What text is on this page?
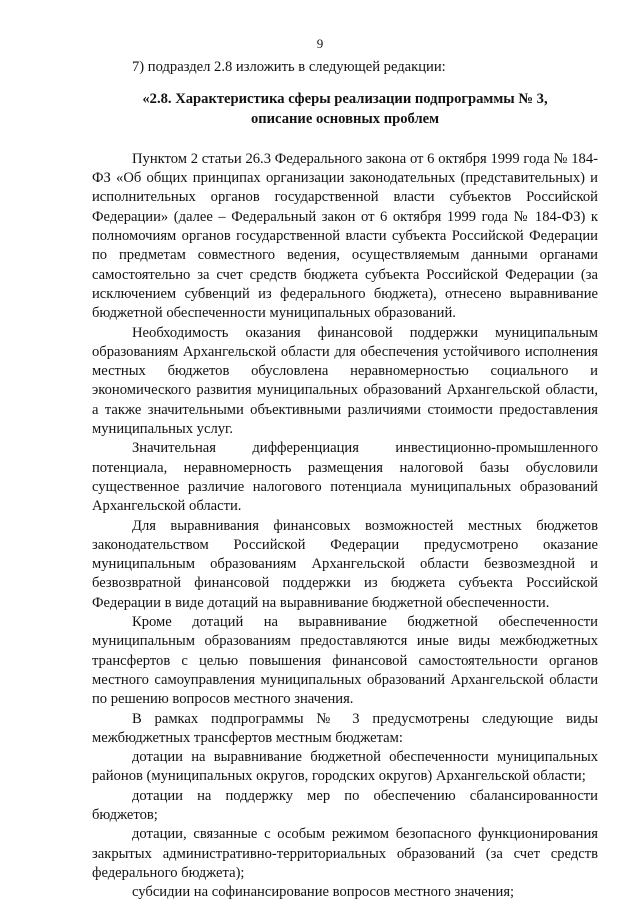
9

7) подраздел 2.8 изложить в следующей редакции:

«2.8. Характеристика сферы реализации подпрограммы № 3,
описание основных проблем

Пунктом 2 статьи 26.3 Федерального закона от 6 октября 1999 года № 184-ФЗ «Об общих принципах организации законодательных (представительных) и исполнительных органов государственной власти субъектов Российской Федерации» (далее – Федеральный закон от 6 октября 1999 года № 184-ФЗ) к полномочиям органов государственной власти субъекта Российской Федерации по предметам совместного ведения, осуществляемым данными органами самостоятельно за счет средств бюджета субъекта Российской Федерации (за исключением субвенций из федерального бюджета), отнесено выравнивание бюджетной обеспеченности муниципальных образований.

Необходимость оказания финансовой поддержки муниципальным образованиям Архангельской области для обеспечения устойчивого исполнения местных бюджетов обусловлена неравномерностью социального и экономического развития муниципальных образований Архангельской области, а также значительными объективными различиями стоимости предоставления муниципальных услуг.

Значительная дифференциация инвестиционно-промышленного потенциала, неравномерность размещения налоговой базы обусловили существенное различие налогового потенциала муниципальных образований Архангельской области.

Для выравнивания финансовых возможностей местных бюджетов законодательством Российской Федерации предусмотрено оказание муниципальным образованиям Архангельской области безвозмездной и безвозвратной финансовой поддержки из бюджета субъекта Российской Федерации в виде дотаций на выравнивание бюджетной обеспеченности.

Кроме дотаций на выравнивание бюджетной обеспеченности муниципальным образованиям предоставляются иные виды межбюджетных трансфертов с целью повышения финансовой самостоятельности органов местного самоуправления муниципальных образований Архангельской области по решению вопросов местного значения.

В рамках подпрограммы № 3 предусмотрены следующие виды межбюджетных трансфертов местным бюджетам:

дотации на выравнивание бюджетной обеспеченности муниципальных районов (муниципальных округов, городских округов) Архангельской области;

дотации на поддержку мер по обеспечению сбалансированности бюджетов;

дотации, связанные с особым режимом безопасного функционирования закрытых административно-территориальных образований (за счет средств федерального бюджета);

субсидии на софинансирование вопросов местного значения;
